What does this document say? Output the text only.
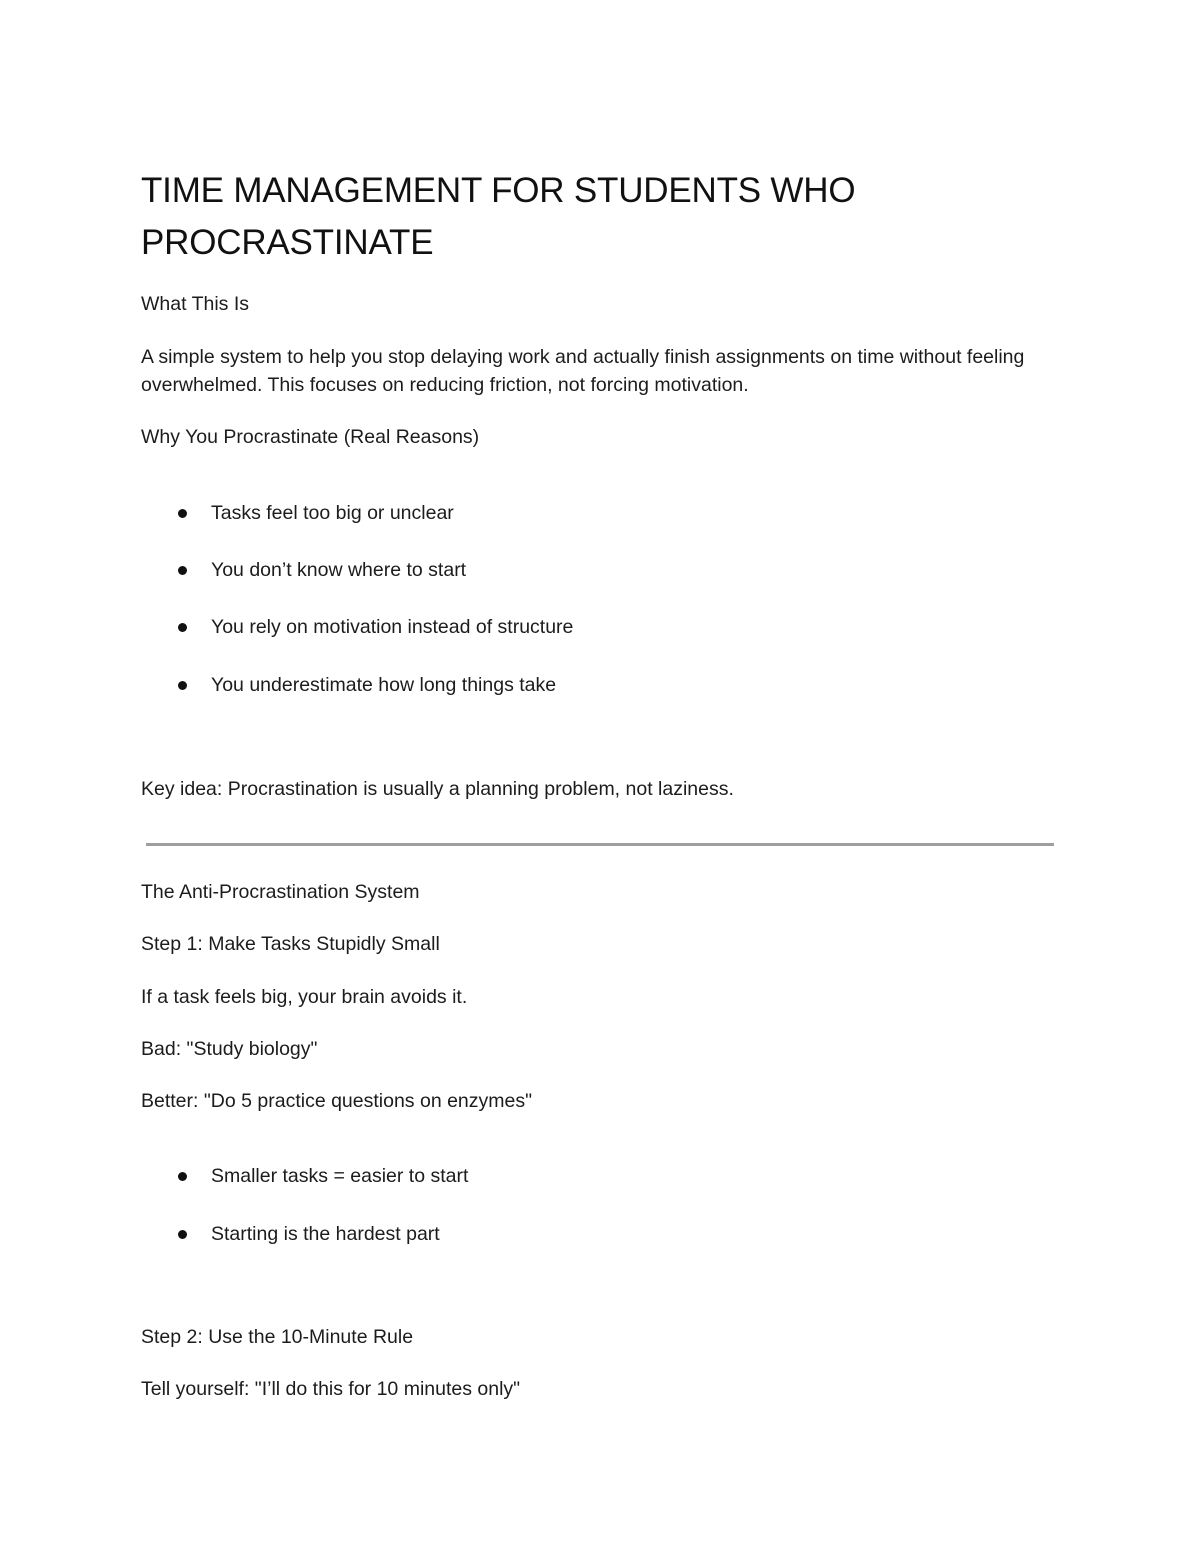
TIME MANAGEMENT FOR STUDENTS WHO PROCRASTINATE

What This Is

A simple system to help you stop delaying work and actually finish assignments on time without feeling overwhelmed. This focuses on reducing friction, not forcing motivation.

Why You Procrastinate (Real Reasons)

Tasks feel too big or unclear
You don’t know where to start
You rely on motivation instead of structure
You underestimate how long things take

Key idea: Procrastination is usually a planning problem, not laziness.

The Anti-Procrastination System

Step 1: Make Tasks Stupidly Small

If a task feels big, your brain avoids it.

Bad: "Study biology"

Better: "Do 5 practice questions on enzymes"

Smaller tasks = easier to start
Starting is the hardest part

Step 2: Use the 10-Minute Rule

Tell yourself: "I’ll do this for 10 minutes only"
